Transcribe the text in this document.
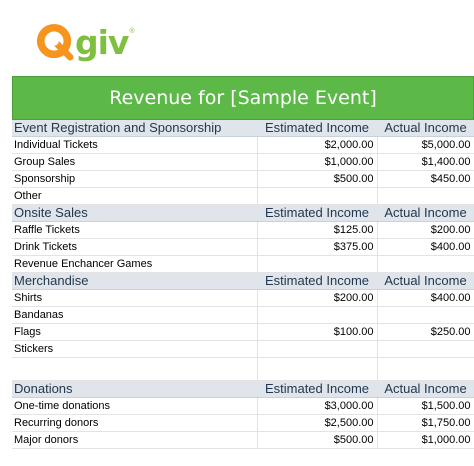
giv ®
Revenue for [Sample Event]
Event Registration and Sponsorship	Estimated Income	Actual Income
Individual Tickets	$2,000.00	$5,000.00
Group Sales	$1,000.00	$1,400.00
Sponsorship	$500.00	$450.00
Other		
Onsite Sales	Estimated Income	Actual Income
Raffle Tickets	$125.00	$200.00
Drink Tickets	$375.00	$400.00
Revenue Enchancer Games		
Merchandise	Estimated Income	Actual Income
Shirts	$200.00	$400.00
Bandanas		
Flags	$100.00	$250.00
Stickers		

Donations	Estimated Income	Actual Income
One-time donations	$3,000.00	$1,500.00
Recurring donors	$2,500.00	$1,750.00
Major donors	$500.00	$1,000.00
